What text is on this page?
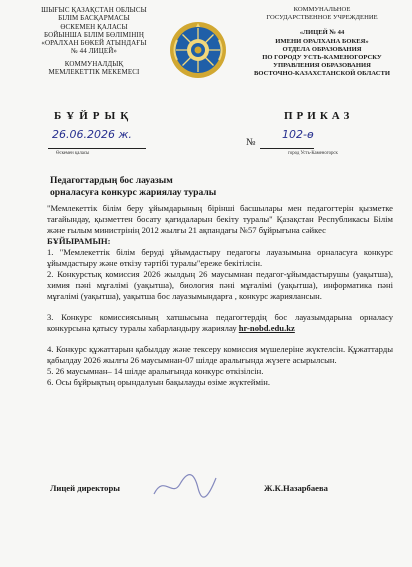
ШЫҒЫС ҚАЗАҚСТАН ОБЛЫСЫ
БІЛІМ БАСҚАРМАСЫ
ӨСКЕМЕН ҚАЛАСЫ
БОЙЫНША БІЛІМ БӨЛІМІНІҢ
«ОРАЛХАН БӨКЕЙ АТЫНДАҒЫ
№ 44 ЛИЦЕЙ»
КОММУНАЛДЫҚ
МЕМЛЕКЕТТІК МЕКЕМЕСІ
КОММУНАЛЬНОЕ
ГОСУДАРСТВЕННОЕ УЧРЕЖДЕНИЕ
«ЛИЦЕЙ № 44
ИМЕНИ ОРАЛХАНА БОКЕЯ»
ОТДЕЛА ОБРАЗОВАНИЯ
ПО ГОРОДУ УСТЬ-КАМЕНОГОРСКУ
УПРАВЛЕНИЯ ОБРАЗОВАНИЯ
ВОСТОЧНО-КАЗАХСТАНСКОЙ ОБЛАСТИ
БҰЙРЫҚ	ПРИКАЗ
26.06.2026 ж.
Өскемен қаласы
№
102-ө
город Усть-Каменогорск
Педагогтардың бос лауазым
орналасуға конкурс жариялау туралы

"Мемлекеттік білім беру ұйымдарының бірінші басшылары мен педагогтерін қызметке тағайындау, қызметтен босату қағидаларын бекіту туралы" Қазақстан Республикасы Білім және ғылым министрінің 2012 жылғы 21 ақпандағы №57 бұйрығына сәйкес

БҰЙЫРАМЫН:

1. "Мемлекеттік білім беруді ұйымдастыру педагогы лауазымына орналасуға конкурс ұйымдастыру және өткізу тәртібі туралы"ереже бекітілсін.

2. Конкурстық комиссия 2026 жылдың 26 маусымнан педагог-ұйымдастырушы (уақытша), химия пәні мұғалімі (уақытша), биология пәні мұғалімі (уақытша), информатика пәні мұғалімі (уақытша), уақытша бос лауазымындарға , конкурс жариялансын.

3. Конкурс комиссиясының хатшысына педагогтердің бос лауазымдарына орналасу конкурсына қатысу туралы хабарландыру жариялау hr-nobd.edu.kz

4. Конкурс құжаттарын қабылдау және тексеру комиссия мүшелеріне жүктелсін. Құжаттарды қабылдау 2026 жылғы 26 маусымнан-07 шілде аралығында жүзеге асырылсын.

5. 26 маусымнан– 14 шілде аралығында конкурс өткізілсін.

6. Осы бұйрықтың орындалуын бақылауды өзіме жүктеймін.

Лицей директоры	Ж.К.Назарбаева
